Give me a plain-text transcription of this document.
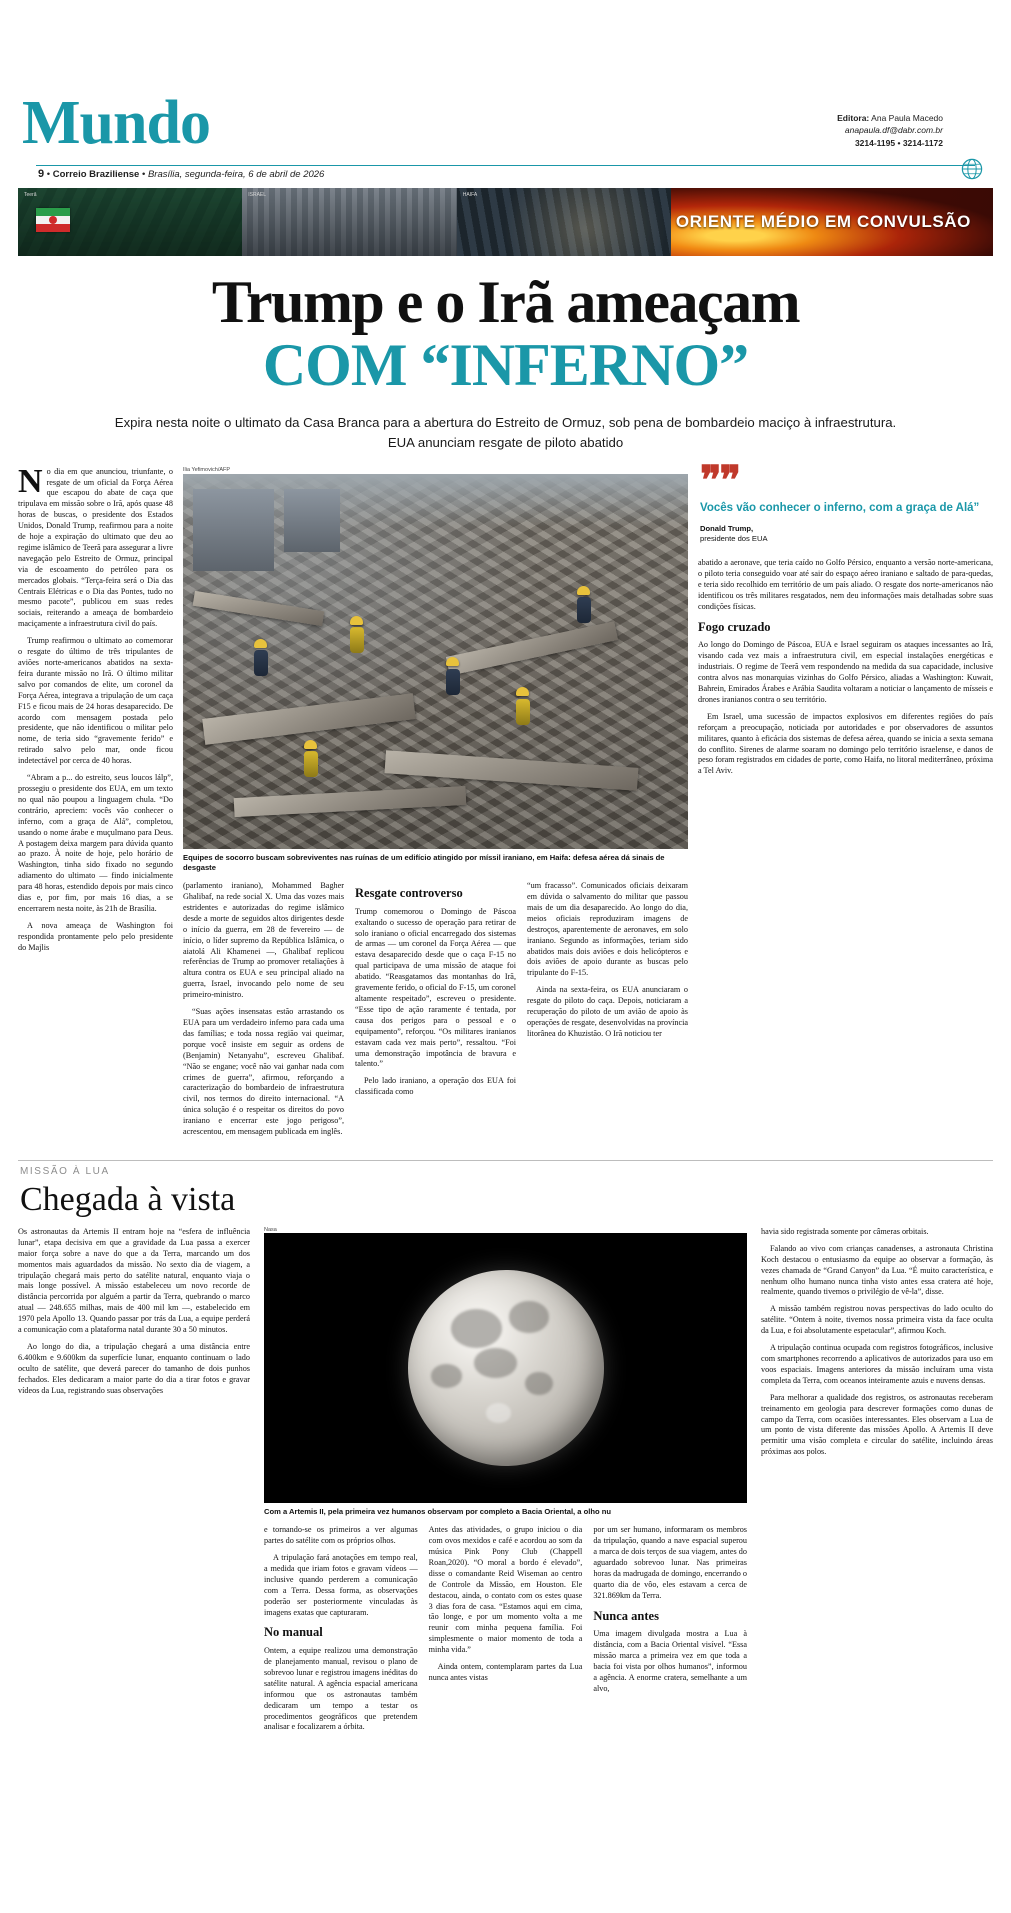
Mundo	Editora: Ana Paula Macedo
anapaula.df@dabr.com.br
3214-1195 • 3214-1172
9 • Correio Braziliense • Brasília, segunda-feira, 6 de abril de 2026
Teerã	ISRAEL	HAIFA
ORIENTE MÉDIO EM CONVULSÃO
Trump e o Irã ameaçam
COM “INFERNO”
Expira nesta noite o ultimato da Casa Branca para a abertura do Estreito de Ormuz, sob pena de bombardeio maciço à infraestrutura. EUA anunciam resgate de piloto abatido

No dia em que anunciou, triunfante, o resgate de um oficial da Força Aérea que escapou do abate de caça que tripulava em missão sobre o Irã, após quase 48 horas de buscas, o presidente dos Estados Unidos, Donald Trump, reafirmou para a noite de hoje a expiração do ultimato que deu ao regime islâmico de Teerã para assegurar a livre navegação pelo Estreito de Ormuz, principal via de escoamento do petróleo para os mercados globais. “Terça-feira será o Dia das Centrais Elétricas e o Dia das Pontes, tudo no mesmo pacote”, publicou em suas redes sociais, reiterando a ameaça de bombardeio maciçamente a infraestrutura civil do país.

Trump reafirmou o ultimato ao comemorar o resgate do último de três tripulantes de aviões norte-americanos abatidos na sexta-feira durante missão no Irã. O último militar salvo por comandos de elite, um coronel da Força Aérea, integrava a tripulação de um caça F15 e ficou mais de 24 horas desaparecido. De acordo com mensagem postada pelo presidente, que não identificou o militar pelo nome, de teria sido “gravemente ferido” e retirado salvo pelo mar, onde ficou indetectável por cerca de 40 horas.

“Abram a p... do estreito, seus loucos lálp”, prossegiu o presidente dos EUA, em um texto no qual não poupou a linguagem chula. “Do contrário, apreciem: vocês vão conhecer o inferno, com a graça de Alá”, completou, usando o nome árabe e muçulmano para Deus. A postagem deixa margem para dúvida quanto ao prazo. À noite de hoje, pelo horário de Washington, tinha sido fixado no segundo adiamento do ultimato — findo inicialmente para 48 horas, estendido depois por mais cinco dias e, por fim, por mais 16 dias, a se encerrarem nesta noite, às 21h de Brasília.

A nova ameaça de Washington foi respondida prontamente pelo pelo presidente do Majlis

Ilia Yefimovich/AFP
Equipes de socorro buscam sobreviventes nas ruínas de um edifício atingido por míssil iraniano, em Haifa: defesa aérea dá sinais de desgaste

(parlamento iraniano), Mohammed Bagher Ghalibaf, na rede social X. Uma das vozes mais estridentes e autorizadas do regime islâmico desde a morte de seguidos altos dirigentes desde o início da guerra, em 28 de fevereiro — de início, o líder supremo da República Islâmica, o aiatolá Ali Khamenei —, Ghalibaf replicou referências de Trump ao promover retaliações à altura contra os EUA e seu principal aliado na guerra, Israel, invocando pelo nome de seu primeiro-ministro.

“Suas ações insensatas estão arrastando os EUA para um verdadeiro inferno para cada uma das famílias; e toda nossa região vai queimar, porque você insiste em seguir as ordens de (Benjamin) Netanyahu”, escreveu Ghalibaf. “Não se engane; você não vai ganhar nada com crimes de guerra”, afirmou, reforçando a caracterização do bombardeio de infraestrutura civil, nos termos do direito internacional. “A única solução é o respeitar os direitos do povo iraniano e encerrar este jogo perigoso”, acrescentou, em mensagem publicada em inglês.

Resgate controverso

Trump comemorou o Domingo de Páscoa exaltando o sucesso de operação para retirar de solo iraniano o oficial encarregado dos sistemas de armas — um coronel da Força Aérea — que estava desaparecido desde que o caça F-15 no qual participava de uma missão de ataque foi abatido. “Reasgatamos das montanhas do Irã, gravemente ferido, o oficial do F-15, um coronel altamente respeitado”, escreveu o presidente. “Esse tipo de ação raramente é tentada, por causa dos perigos para o pessoal e o equipamento”, reforçou. “Os militares iranianos estavam cada vez mais perto”, ressaltou. “Foi uma demonstração impotância de bravura e talento.”

Pelo lado iraniano, a operação dos EUA foi classificada como

“um fracasso”. Comunicados oficiais deixaram em dúvida o salvamento do militar que passou mais de um dia desaparecido. Ao longo do dia, meios oficiais reproduziram imagens de destroços, aparentemente de aeronaves, em solo iraniano. Segundo as informações, teriam sido abatidos mais dois aviões e dois helicópteros e dois aviões de apoio durante as buscas pelo tripulante do F-15.

Ainda na sexta-feira, os EUA anunciaram o resgate do piloto do caça. Depois, noticiaram a recuperação do piloto de um avião de apoio às operações de resgate, desenvolvidas na província litorânea do Khuzistão. O Irã noticiou ter

❞❞
Vocês vão conhecer o inferno, com a graça de Alá”
Donald Trump,
presidente dos EUA

abatido a aeronave, que teria caído no Golfo Pérsico, enquanto a versão norte-americana, o piloto teria conseguido voar até sair do espaço aéreo iraniano e saltado de para-quedas, e teria sido recolhido em território de um país aliado. O resgate dos norte-americanos não identificou os três militares resgatados, nem deu informações mais detalhadas sobre suas condições físicas.

Fogo cruzado

Ao longo do Domingo de Páscoa, EUA e Israel seguiram os ataques incessantes ao Irã, visando cada vez mais a infraestrutura civil, em especial instalações energéticas e industriais. O regime de Teerã vem respondendo na medida da sua capacidade, inclusive contra alvos nas monarquias vizinhas do Golfo Pérsico, aliadas a Washington: Kuwait, Bahrein, Emirados Árabes e Arábia Saudita voltaram a noticiar o lançamento de mísseis e drones iranianos contra o seu território.

Em Israel, uma sucessão de impactos explosivos em diferentes regiões do país reforçam a preocupação, noticiada por autoridades e por observadores de assuntos militares, quanto à eficácia dos sistemas de defesa aérea, quando se inicia a sexta semana do conflito. Sirenes de alarme soaram no domingo pelo território israelense, e danos de peso foram registrados em cidades de porte, como Haifa, no litoral mediterrâneo, próxima a Tel Aviv.

MISSÃO À LUA
Chegada à vista

Os astronautas da Artemis II entram hoje na “esfera de influência lunar”, etapa decisiva em que a gravidade da Lua passa a exercer maior força sobre a nave do que a da Terra, marcando um dos momentos mais aguardados da missão. No sexto dia de viagem, a tripulação chegará mais perto do satélite natural, enquanto viaja o mais longe possível. A missão estabeleceu um novo recorde de distância percorrida por alguém a partir da Terra, quebrando o marco atual — 248.655 milhas, mais de 400 mil km —, estabelecido em 1970 pela Apollo 13. Quando passar por trás da Lua, a equipe perderá a comunicação com a plataforma natal durante 30 a 50 minutos.

Ao longo do dia, a tripulação chegará a uma distância entre 6.400km e 9.600km da superfície lunar, enquanto continuam o lado oculto de satélite, que deverá parecer do tamanho de dois punhos fechados. Eles dedicaram a maior parte do dia a tirar fotos e gravar vídeos da Lua, registrando suas observações

Nasa
Com a Artemis II, pela primeira vez humanos observam por completo a Bacia Oriental, a olho nu

e tornando-se os primeiros a ver algumas partes do satélite com os próprios olhos.

A tripulação fará anotações em tempo real, a medida que iriam fotos e gravam vídeos — inclusive quando perderem a comunicação com a Terra. Dessa forma, as observações poderão ser posteriormente vinculadas às imagens exatas que capturaram.

No manual

Ontem, a equipe realizou uma demonstração de planejamento manual, revisou o plano de sobrevoo lunar e registrou imagens inéditas do satélite natural. A agência espacial americana informou que os astronautas também dedicaram um tempo a testar os procedimentos geográficos que pretendem analisar e focalizarem a órbita.

Antes das atividades, o grupo iniciou o dia com ovos mexidos e café e acordou ao som da música Pink Pony Club (Chappell Roan,2020). “O moral a bordo é elevado”, disse o comandante Reid Wiseman ao centro de Controle da Missão, em Houston. Ele destacou, ainda, o contato com os estes quase 3 dias fora de casa. “Estamos aqui em cima, tão longe, e por um momento volta a me reunir com minha pequena família. Foi simplesmente o maior momento de toda a minha vida.”

Ainda ontem, contemplaram partes da Lua nunca antes vistas

por um ser humano, informaram os membros da tripulação, quando a nave espacial superou a marca de dois terços de sua viagem, antes do aguardado sobrevoo lunar. Nas primeiras horas da madrugada de domingo, encerrando o quarto dia de vôo, eles estavam a cerca de 321.869km da Terra.

Nunca antes

Uma imagem divulgada mostra a Lua à distância, com a Bacia Oriental visível. “Essa missão marca a primeira vez em que toda a bacia foi vista por olhos humanos”, informou a agência. A enorme cratera, semelhante a um alvo,

havia sido registrada somente por câmeras orbitais.

Falando ao vivo com crianças canadenses, a astronauta Christina Koch destacou o entusiasmo da equipe ao observar a formação, às vezes chamada de “Grand Canyon” da Lua. “É muito característica, e nenhum olho humano nunca tinha visto antes essa cratera até hoje, realmente, quando tivemos o privilégio de vê-la”, disse.

A missão também registrou novas perspectivas do lado oculto do satélite. “Ontem à noite, tivemos nossa primeira vista da face oculta da Lua, e foi absolutamente espetacular”, afirmou Koch.

A tripulação continua ocupada com registros fotográficos, inclusive com smartphones recorrendo a aplicativos de autorizados para uso em voos espaciais. Imagens anteriores da missão incluíram uma vista completa da Terra, com oceanos inteiramente azuis e nuvens densas.

Para melhorar a qualidade dos registros, os astronautas receberam treinamento em geologia para descrever formações como dunas de campo da Terra, com ocasiões interessantes. Eles observam a Lua de um ponto de vista diferente das missões Apollo. A Artemis II deve permitir uma visão completa e circular do satélite, incluindo áreas próximas aos polos.
